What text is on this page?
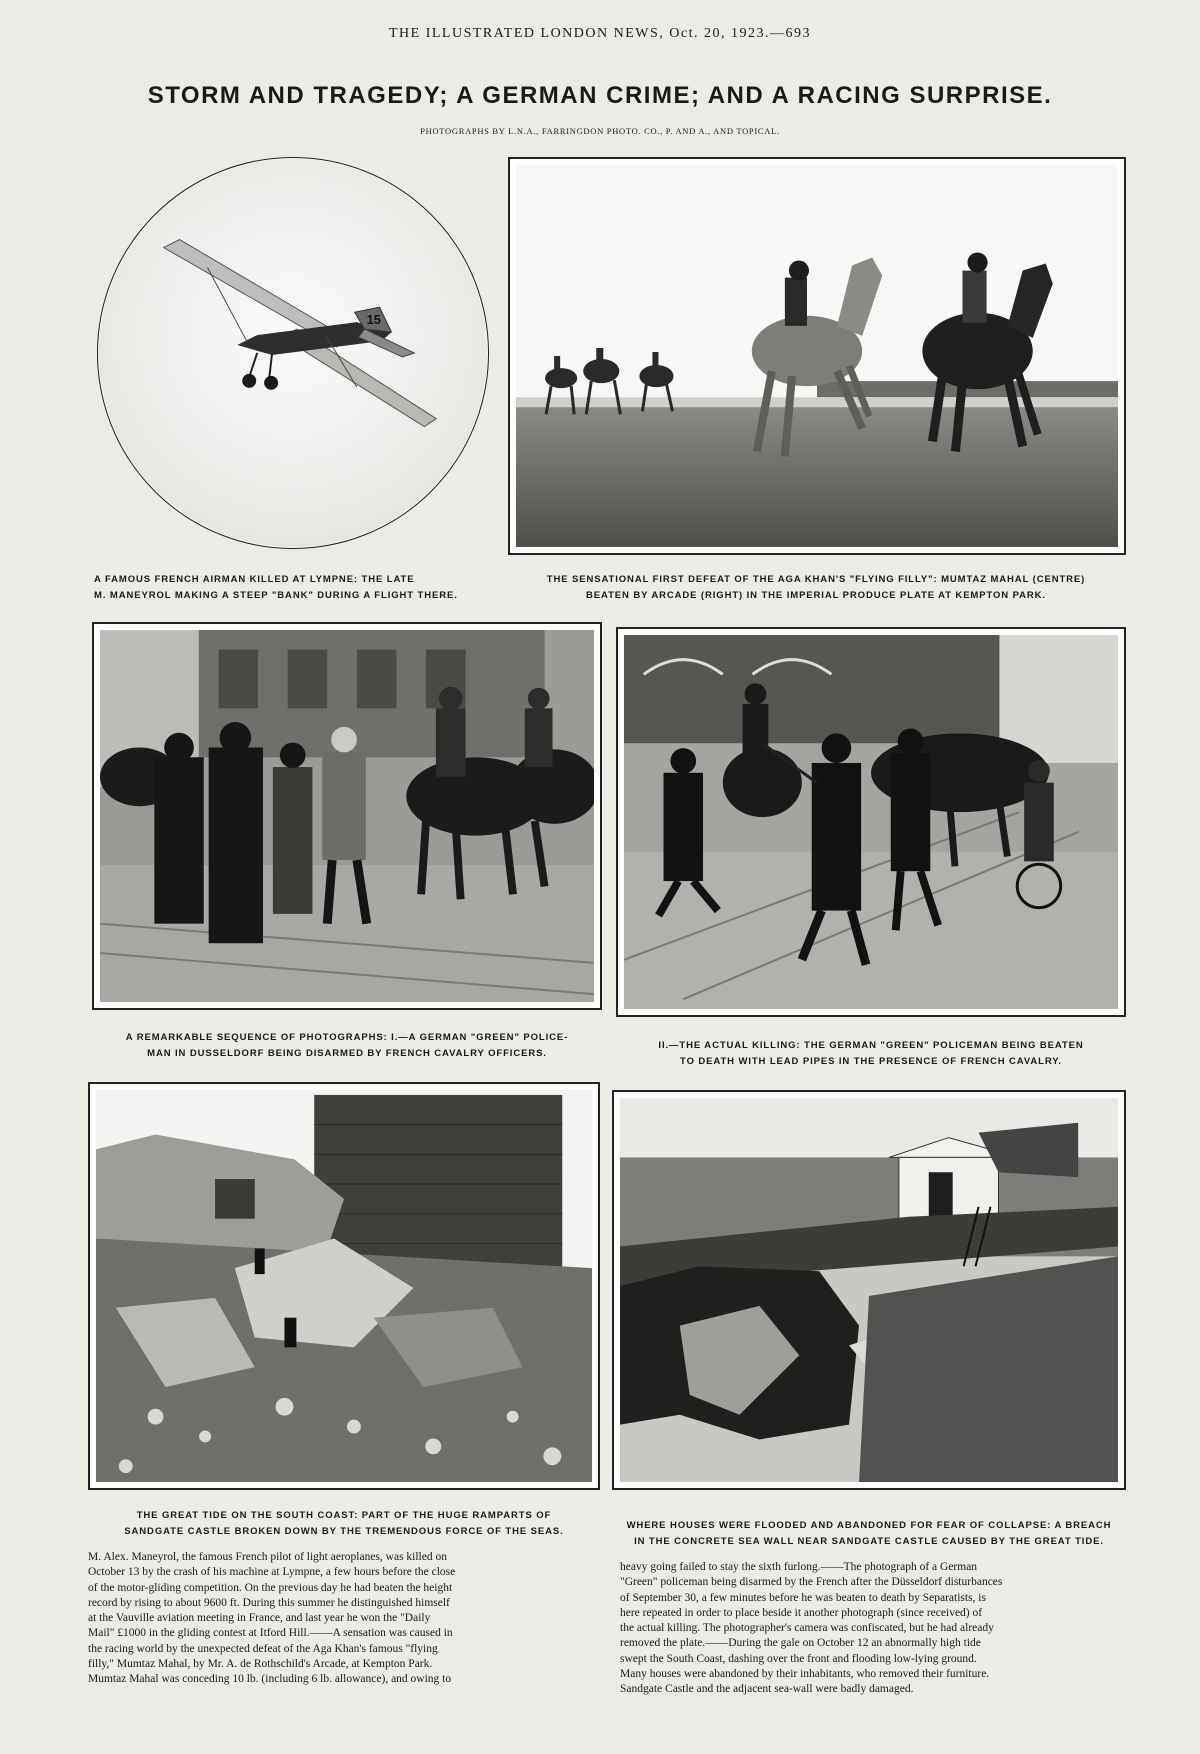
THE ILLUSTRATED LONDON NEWS, Oct. 20, 1923.—693
STORM AND TRAGEDY; A GERMAN CRIME; AND A RACING SURPRISE.
PHOTOGRAPHS BY L.N.A., FARRINGDON PHOTO. CO., P. AND A., AND TOPICAL.
15
A FAMOUS FRENCH AIRMAN KILLED AT LYMPNE: THE LATE
M. MANEYROL MAKING A STEEP "BANK" DURING A FLIGHT THERE.
THE SENSATIONAL FIRST DEFEAT OF THE AGA KHAN'S "FLYING FILLY": MUMTAZ MAHAL (CENTRE)
BEATEN BY ARCADE (RIGHT) IN THE IMPERIAL PRODUCE PLATE AT KEMPTON PARK.
A REMARKABLE SEQUENCE OF PHOTOGRAPHS: I.—A GERMAN "GREEN" POLICE-
MAN IN DUSSELDORF BEING DISARMED BY FRENCH CAVALRY OFFICERS.
II.—THE ACTUAL KILLING: THE GERMAN "GREEN" POLICEMAN BEING BEATEN
TO DEATH WITH LEAD PIPES IN THE PRESENCE OF FRENCH CAVALRY.
THE GREAT TIDE ON THE SOUTH COAST: PART OF THE HUGE RAMPARTS OF
SANDGATE CASTLE BROKEN DOWN BY THE TREMENDOUS FORCE OF THE SEAS.
WHERE HOUSES WERE FLOODED AND ABANDONED FOR FEAR OF COLLAPSE: A BREACH
IN THE CONCRETE SEA WALL NEAR SANDGATE CASTLE CAUSED BY THE GREAT TIDE.
M. Alex. Maneyrol, the famous French pilot of light aeroplanes, was killed on
October 13 by the crash of his machine at Lympne, a few hours before the close
of the motor-gliding competition. On the previous day he had beaten the height
record by rising to about 9600 ft. During this summer he distinguished himself
at the Vauville aviation meeting in France, and last year he won the "Daily
Mail" £1000 in the gliding contest at Itford Hill.——A sensation was caused in
the racing world by the unexpected defeat of the Aga Khan's famous "flying
filly," Mumtaz Mahal, by Mr. A. de Rothschild's Arcade, at Kempton Park.
Mumtaz Mahal was conceding 10 lb. (including 6 lb. allowance), and owing to
heavy going failed to stay the sixth furlong.——The photograph of a German
"Green" policeman being disarmed by the French after the Düsseldorf disturbances
of September 30, a few minutes before he was beaten to death by Separatists, is
here repeated in order to place beside it another photograph (since received) of
the actual killing. The photographer's camera was confiscated, but he had already
removed the plate.——During the gale on October 12 an abnormally high tide
swept the South Coast, dashing over the front and flooding low-lying ground.
Many houses were abandoned by their inhabitants, who removed their furniture.
Sandgate Castle and the adjacent sea-wall were badly damaged.
